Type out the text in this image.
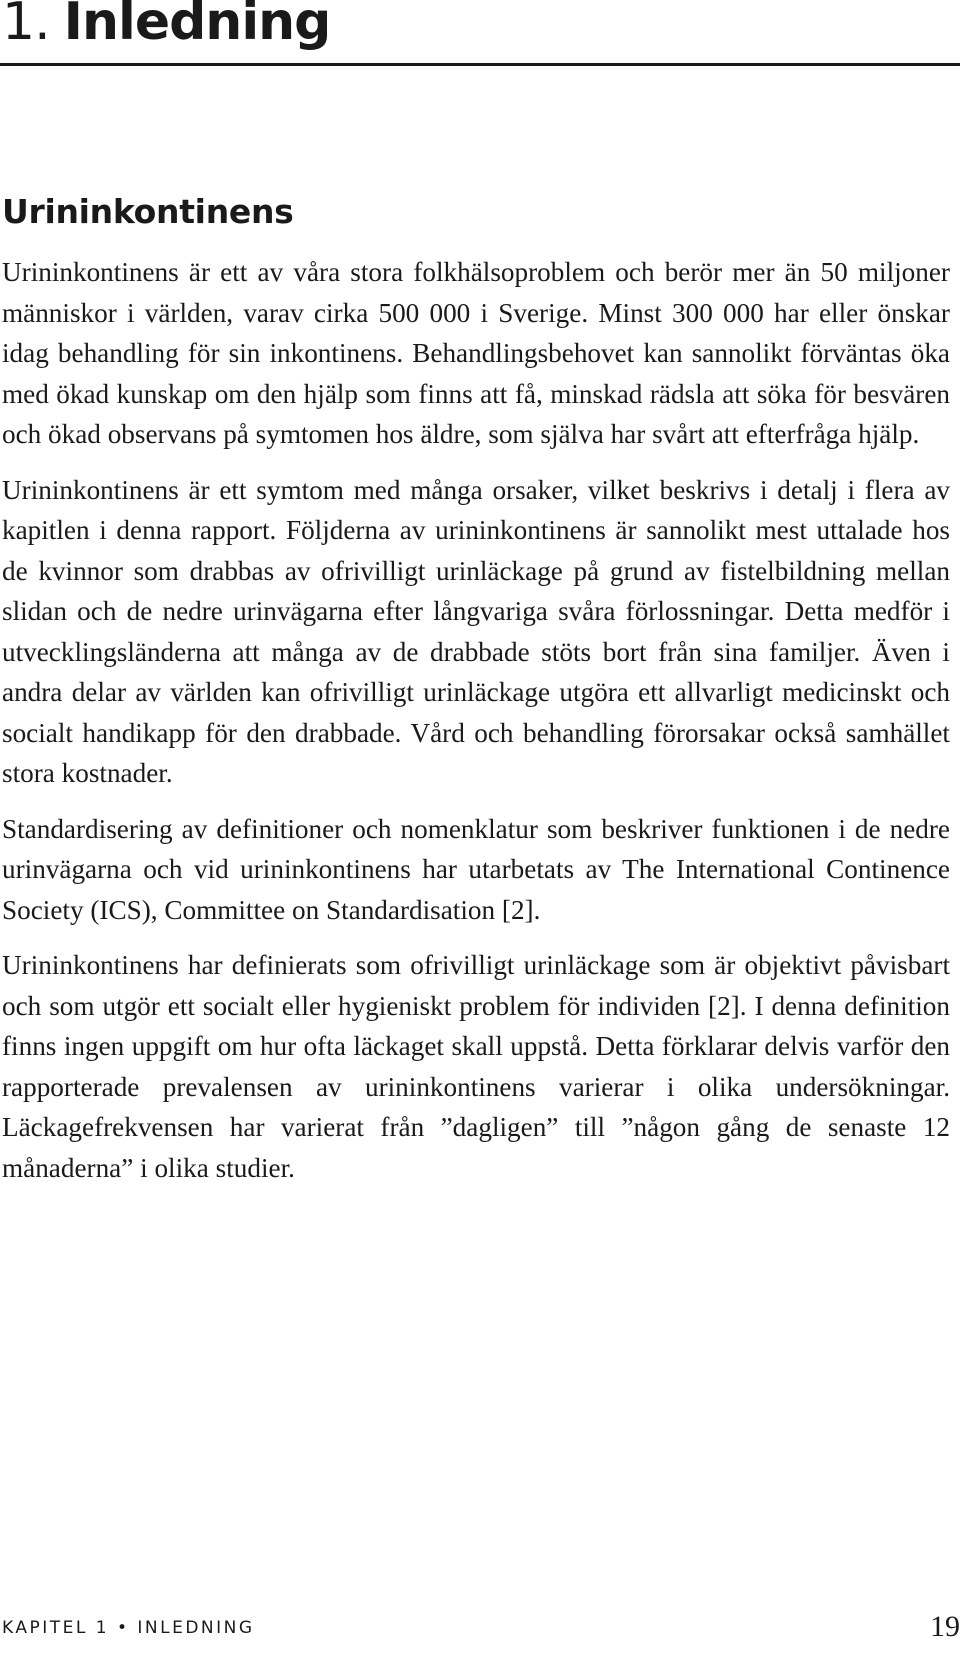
1. Inledning
Urininkontinens

Urininkontinens är ett av våra stora folkhälsoproblem och berör mer än 50 miljoner människor i världen, varav cirka 500 000 i Sverige. Minst 300 000 har eller önskar idag behandling för sin inkontinens. Behandlingsbehovet kan sannolikt förväntas öka med ökad kunskap om den hjälp som finns att få, minskad rädsla att söka för besvären och ökad observans på symtomen hos äldre, som själva har svårt att efterfråga hjälp.

Urininkontinens är ett symtom med många orsaker, vilket beskrivs i detalj i flera av kapitlen i denna rapport. Följderna av urininkontinens är sannolikt mest uttalade hos de kvinnor som drabbas av ofrivilligt urinläckage på grund av fistelbildning mellan slidan och de nedre urinvägarna efter långvariga svåra förlossningar. Detta medför i utvecklingsländerna att många av de drabbade stöts bort från sina familjer. Även i andra delar av världen kan ofrivilligt urinläckage utgöra ett allvarligt medicinskt och socialt handikapp för den drabbade. Vård och behandling förorsakar också samhället stora kostnader.

Standardisering av definitioner och nomenklatur som beskriver funktionen i de nedre urinvägarna och vid urininkontinens har utarbetats av The International Continence Society (ICS), Committee on Standardisation [2].

Urininkontinens har definierats som ofrivilligt urinläckage som är objektivt påvisbart och som utgör ett socialt eller hygieniskt problem för individen [2]. I denna definition finns ingen uppgift om hur ofta läckaget skall uppstå. Detta förklarar delvis varför den rapporterade prevalensen av urininkontinens varierar i olika undersökningar. Läckagefrekvensen har varierat från ”dagligen” till ”någon gång de senaste 12 månaderna” i olika studier.

KAPITEL 1 • INLEDNING	19
